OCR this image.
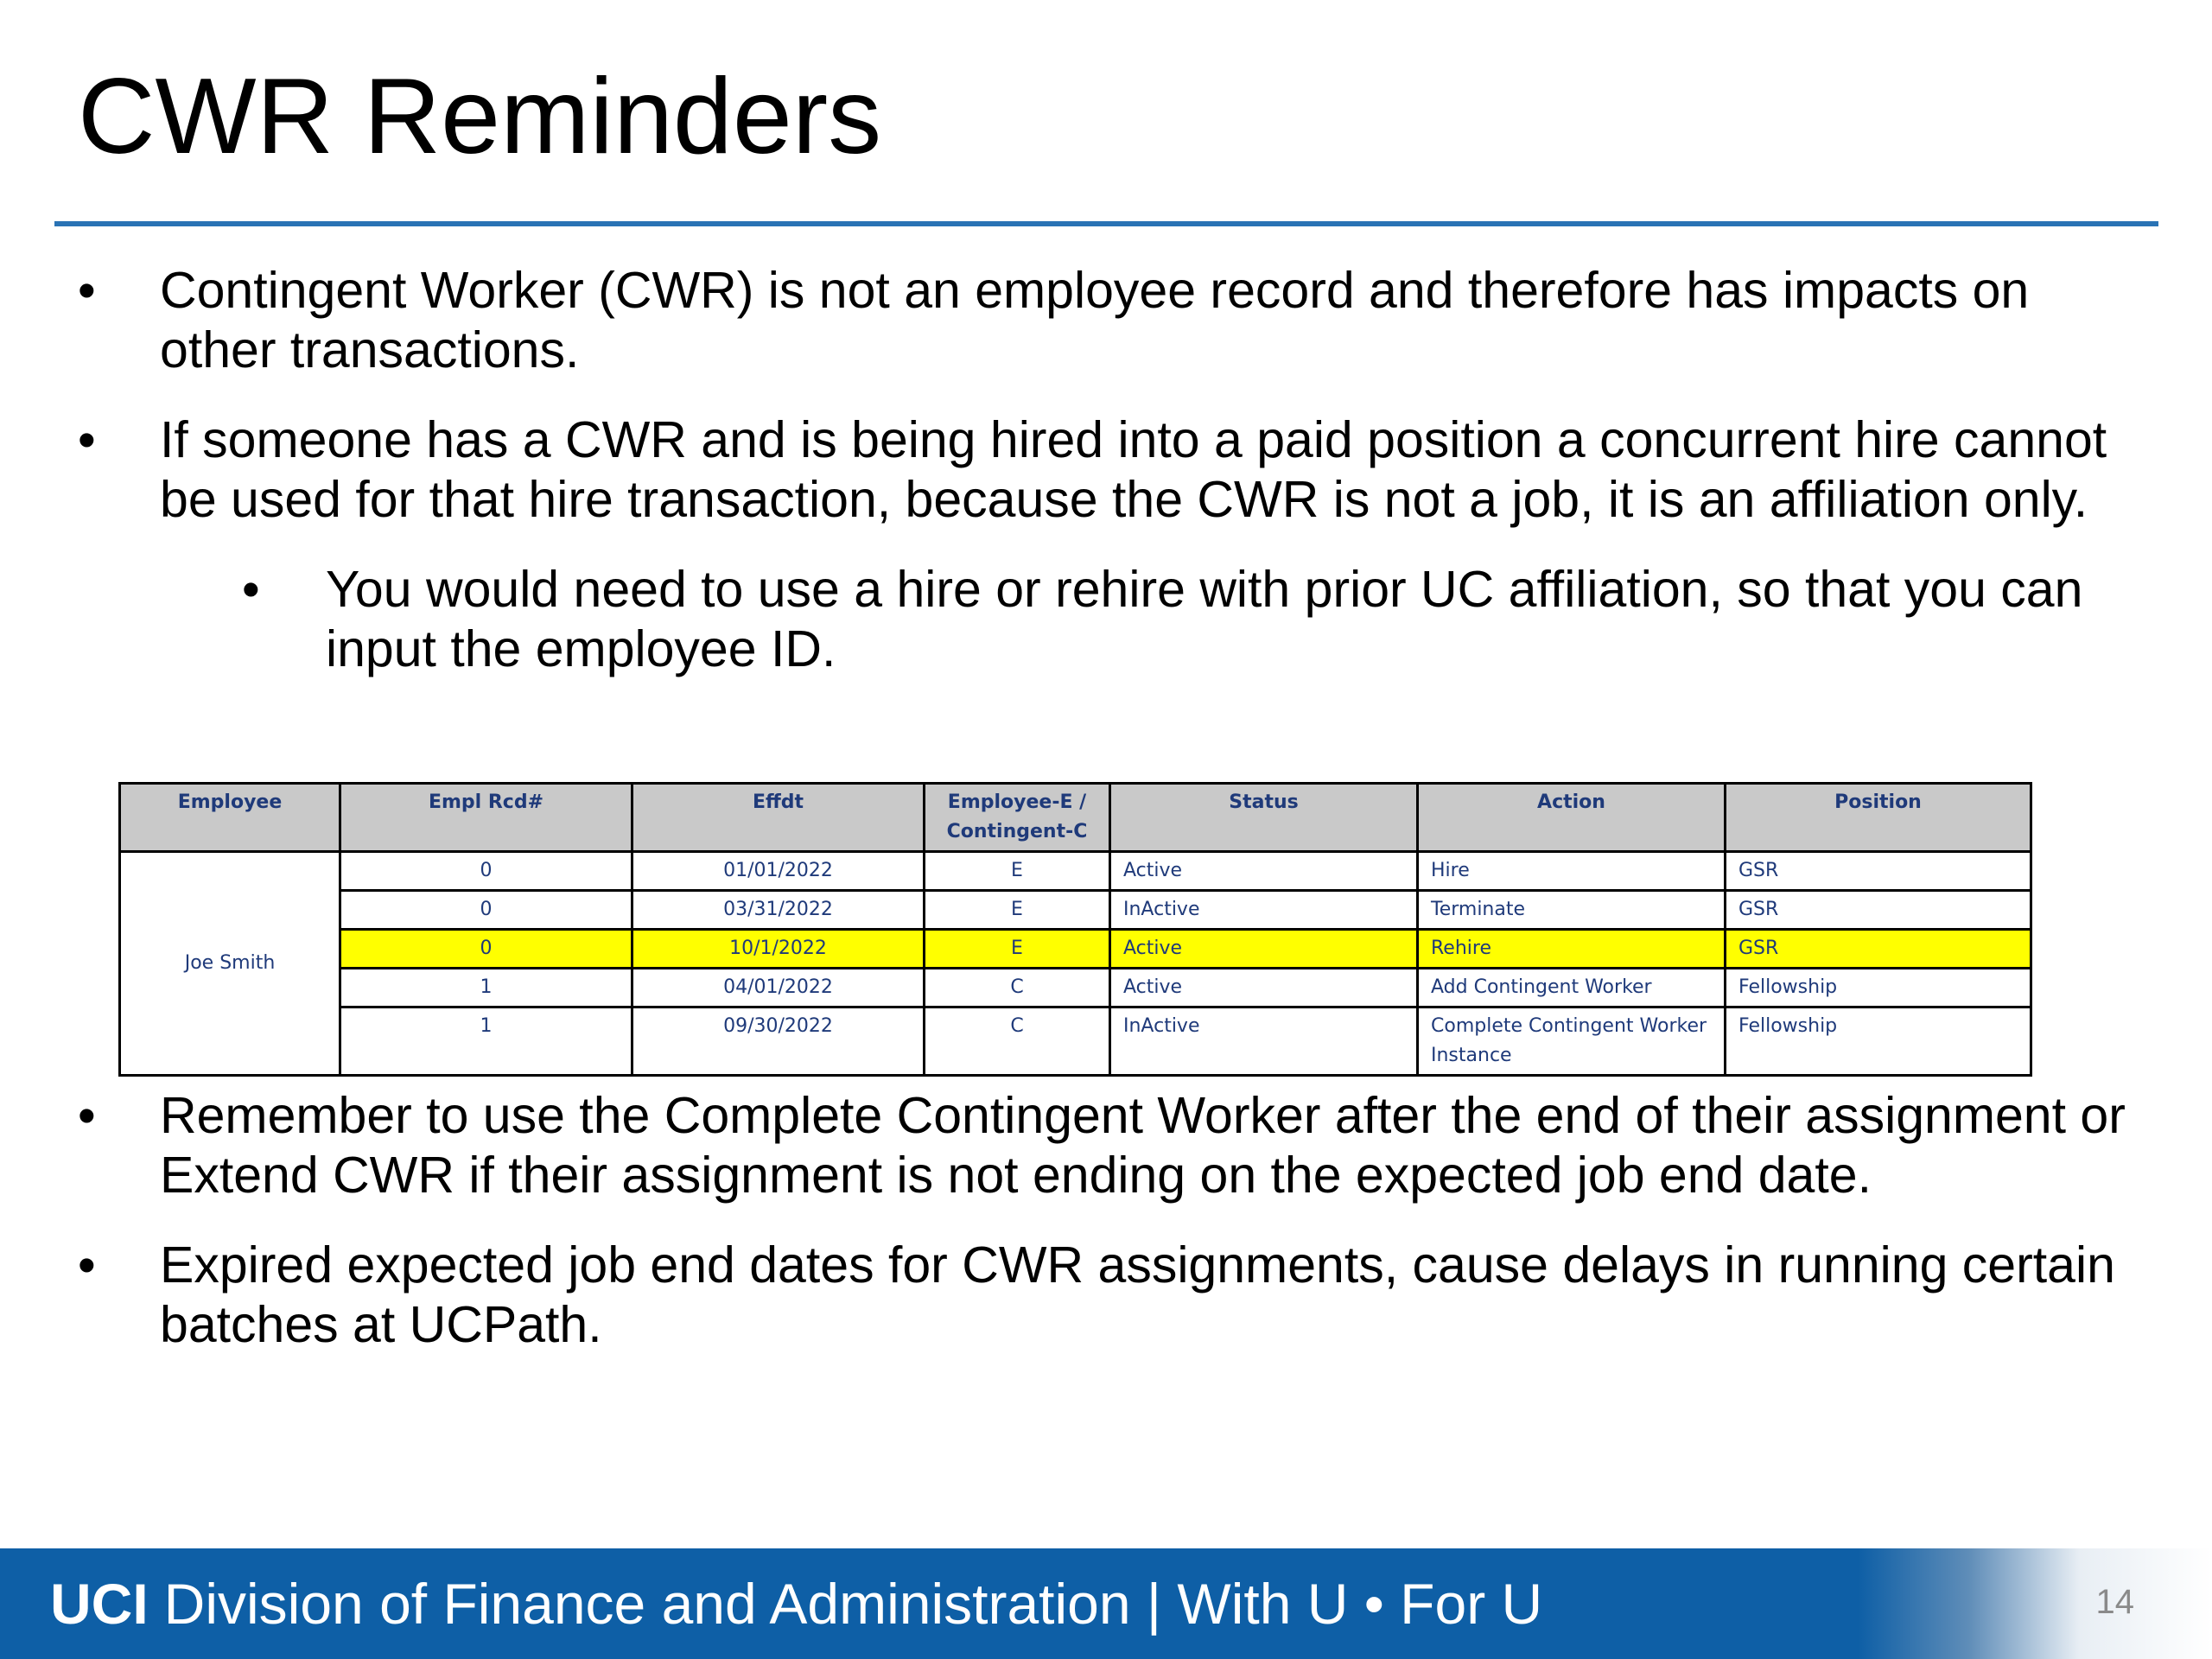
CWR Reminders
• Contingent Worker (CWR) is not an employee record and therefore has impacts on other transactions.
• If someone has a CWR and is being hired into a paid position a concurrent hire cannot be used for that hire transaction, because the CWR is not a job, it is an affiliation only.
• You would need to use a hire or rehire with prior UC affiliation, so that you can input the employee ID.
Employee	Empl Rcd#	Effdt	Employee-E / Contingent-C	Status	Action	Position
Joe Smith	0	01/01/2022	E	Active	Hire	GSR
	0	03/31/2022	E	InActive	Terminate	GSR
	0	10/1/2022	E	Active	Rehire	GSR
	1	04/01/2022	C	Active	Add Contingent Worker	Fellowship
	1	09/30/2022	C	InActive	Complete Contingent Worker Instance	Fellowship
• Remember to use the Complete Contingent Worker after the end of their assignment or Extend CWR if their assignment is not ending on the expected job end date.
• Expired expected job end dates for CWR assignments, cause delays in running certain batches at UCPath.
UCI Division of Finance and Administration | With U • For U	14
